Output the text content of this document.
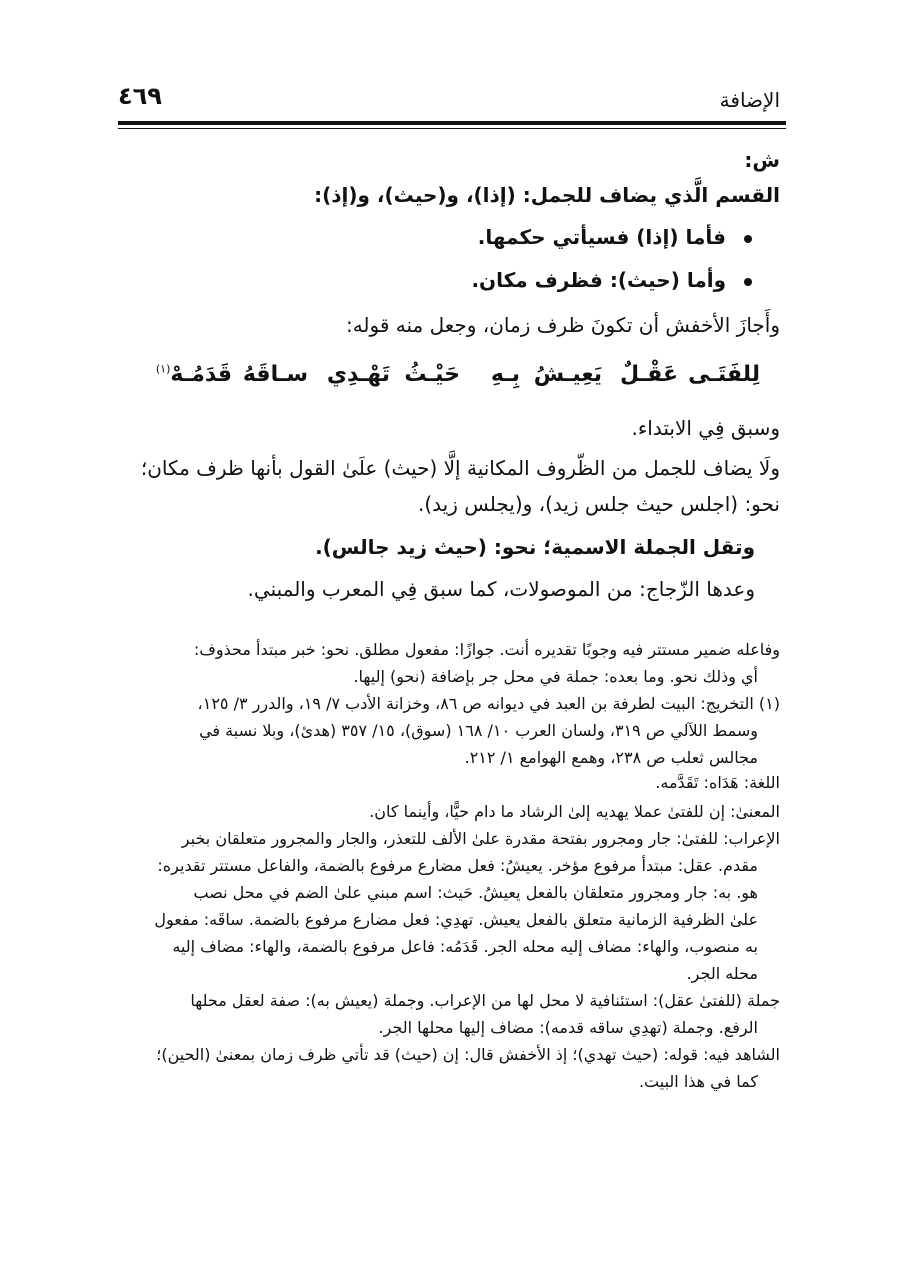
الإضافة
٤٦٩
ش:
القسم الَّذي يضاف للجمل: (إذا)، و(حيث)، و(إذ):
فأما (إذا) فسيأتي حكمها.
وأما (حيث): فظرف مكان.
وأَجازَ الأخفش أن تكونَ ظرف زمان، وجعل منه قوله:
لِلفَتَـى
عَقْـلٌ
يَعِيـشُ
بِـهِ
حَيْـثُ
تَهْـدِي
سـاقَهُ
قَدَمُـهْ$^{(١)}$
وسبق فِي الابتداء.
ولَا يضاف للجمل من الظّروف المكانية إلَّا (حيث) علَىٰ القول بأنها ظرف مكان؛
نحو: (اجلس حيث جلس زيد)، و(يجلس زيد).
وتقل الجملة الاسمية؛ نحو: (حيث زيد جالس).
وعدها الزّجاج: من الموصولات، كما سبق فِي المعرب والمبني.
وفاعله ضمير مستتر فيه وجوبًا تقديره أنت. جوازًا: مفعول مطلق. نحو: خبر مبتدأ محذوف:
أي وذلك نحو. وما بعده: جملة في محل جر بإضافة (نحو) إليها.
(١) التخريج: البيت لطرفة بن العبد في ديوانه ص ٨٦، وخزانة الأدب ٧/ ١٩، والدرر ٣/ ١٢٥،
وسمط اللآلي ص ٣١٩، ولسان العرب ١٠/ ١٦٨ (سوق)، ١٥/ ٣٥٧ (هدئ)، وبلا نسبة في
مجالس ثعلب ص ٢٣٨، وهمع الهوامع ١/ ٢١٢.
اللغة: هَدَاه: تَقَدَّمه.
المعنىٰ: إن للفتىٰ عملا يهديه إلىٰ الرشاد ما دام حيًّا، وأينما كان.
الإعراب: للفتىٰ: جار ومجرور بفتحة مقدرة علىٰ الألف للتعذر، والجار والمجرور متعلقان بخبر
مقدم. عقل: مبتدأ مرفوع مؤخر. يعيشُ: فعل مضارع مرفوع بالضمة، والفاعل مستتر تقديره:
هو. به: جار ومجرور متعلقان بالفعل يعيشُ. حَيث: اسم مبني علىٰ الضم في محل نصب
علىٰ الظرفية الزمانية متعلق بالفعل يعيش. تهدِي: فعل مضارع مرفوع بالضمة. ساقَه: مفعول
به منصوب، والهاء: مضاف إليه محله الجر. قَدَمُه: فاعل مرفوع بالضمة، والهاء: مضاف إليه
محله الجر.
جملة (للفتىٰ عقل): استئنافية لا محل لها من الإعراب. وجملة (يعيش به): صفة لعقل محلها
الرفع. وجملة (تهدِي ساقه قدمه): مضاف إليها محلها الجر.
الشاهد فيه: قوله: (حيث تهدي)؛ إذ الأخفش قال: إن (حيث) قد تأتي ظرف زمان بمعنىٰ (الحين)؛
كما في هذا البيت.
